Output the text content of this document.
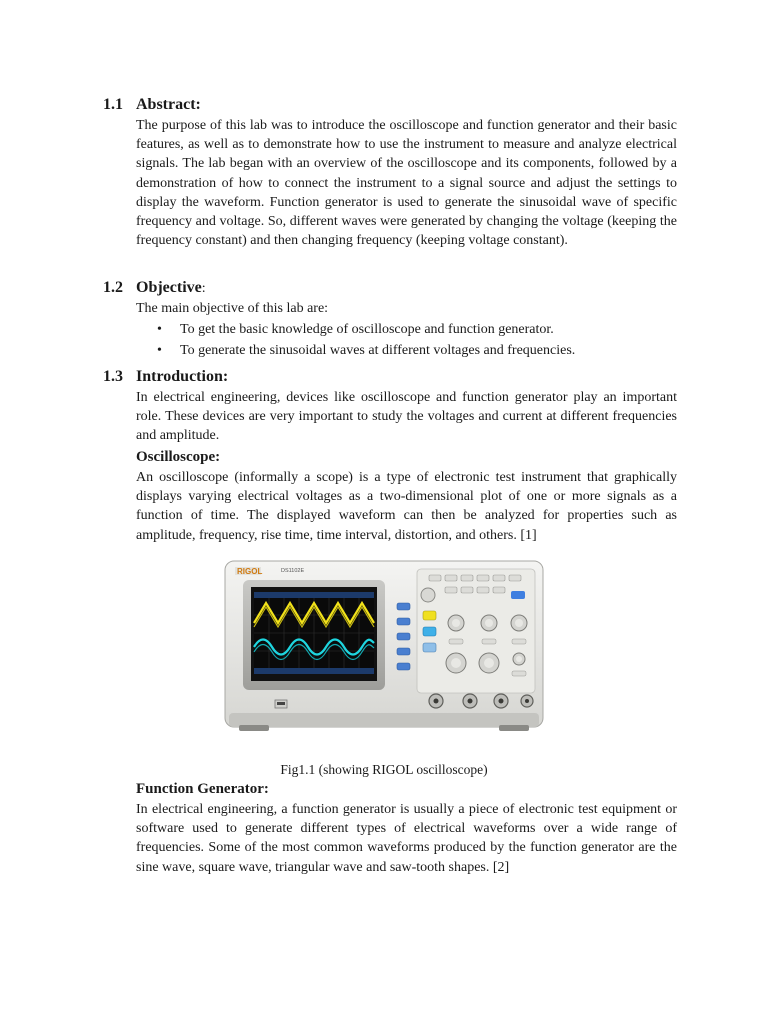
1.1 Abstract:
The purpose of this lab was to introduce the oscilloscope and function generator and their basic features, as well as to demonstrate how to use the instrument to measure and analyze electrical signals. The lab began with an overview of the oscilloscope and its components, followed by a demonstration of how to connect the instrument to a signal source and adjust the settings to display the waveform. Function generator is used to generate the sinusoidal wave of specific frequency and voltage. So, different waves were generated by changing the voltage (keeping the frequency constant) and then changing frequency (keeping voltage constant).
1.2 Objective:
The main objective of this lab are:
• To get the basic knowledge of oscilloscope and function generator.
• To generate the sinusoidal waves at different voltages and frequencies.
1.3 Introduction:
In electrical engineering, devices like oscilloscope and function generator play an important role. These devices are very important to study the voltages and current at different frequencies and amplitude.
Oscilloscope:
An oscilloscope (informally a scope) is a type of electronic test instrument that graphically displays varying electrical voltages as a two-dimensional plot of one or more signals as a function of time. The displayed waveform can then be analyzed for properties such as amplitude, frequency, rise time, time interval, distortion, and others. [1]
RIGOL	DS1102E
Fig1.1 (showing RIGOL oscilloscope)
Function Generator:
In electrical engineering, a function generator is usually a piece of electronic test equipment or software used to generate different types of electrical waveforms over a wide range of frequencies. Some of the most common waveforms produced by the function generator are the sine wave, square wave, triangular wave and saw-tooth shapes. [2]
